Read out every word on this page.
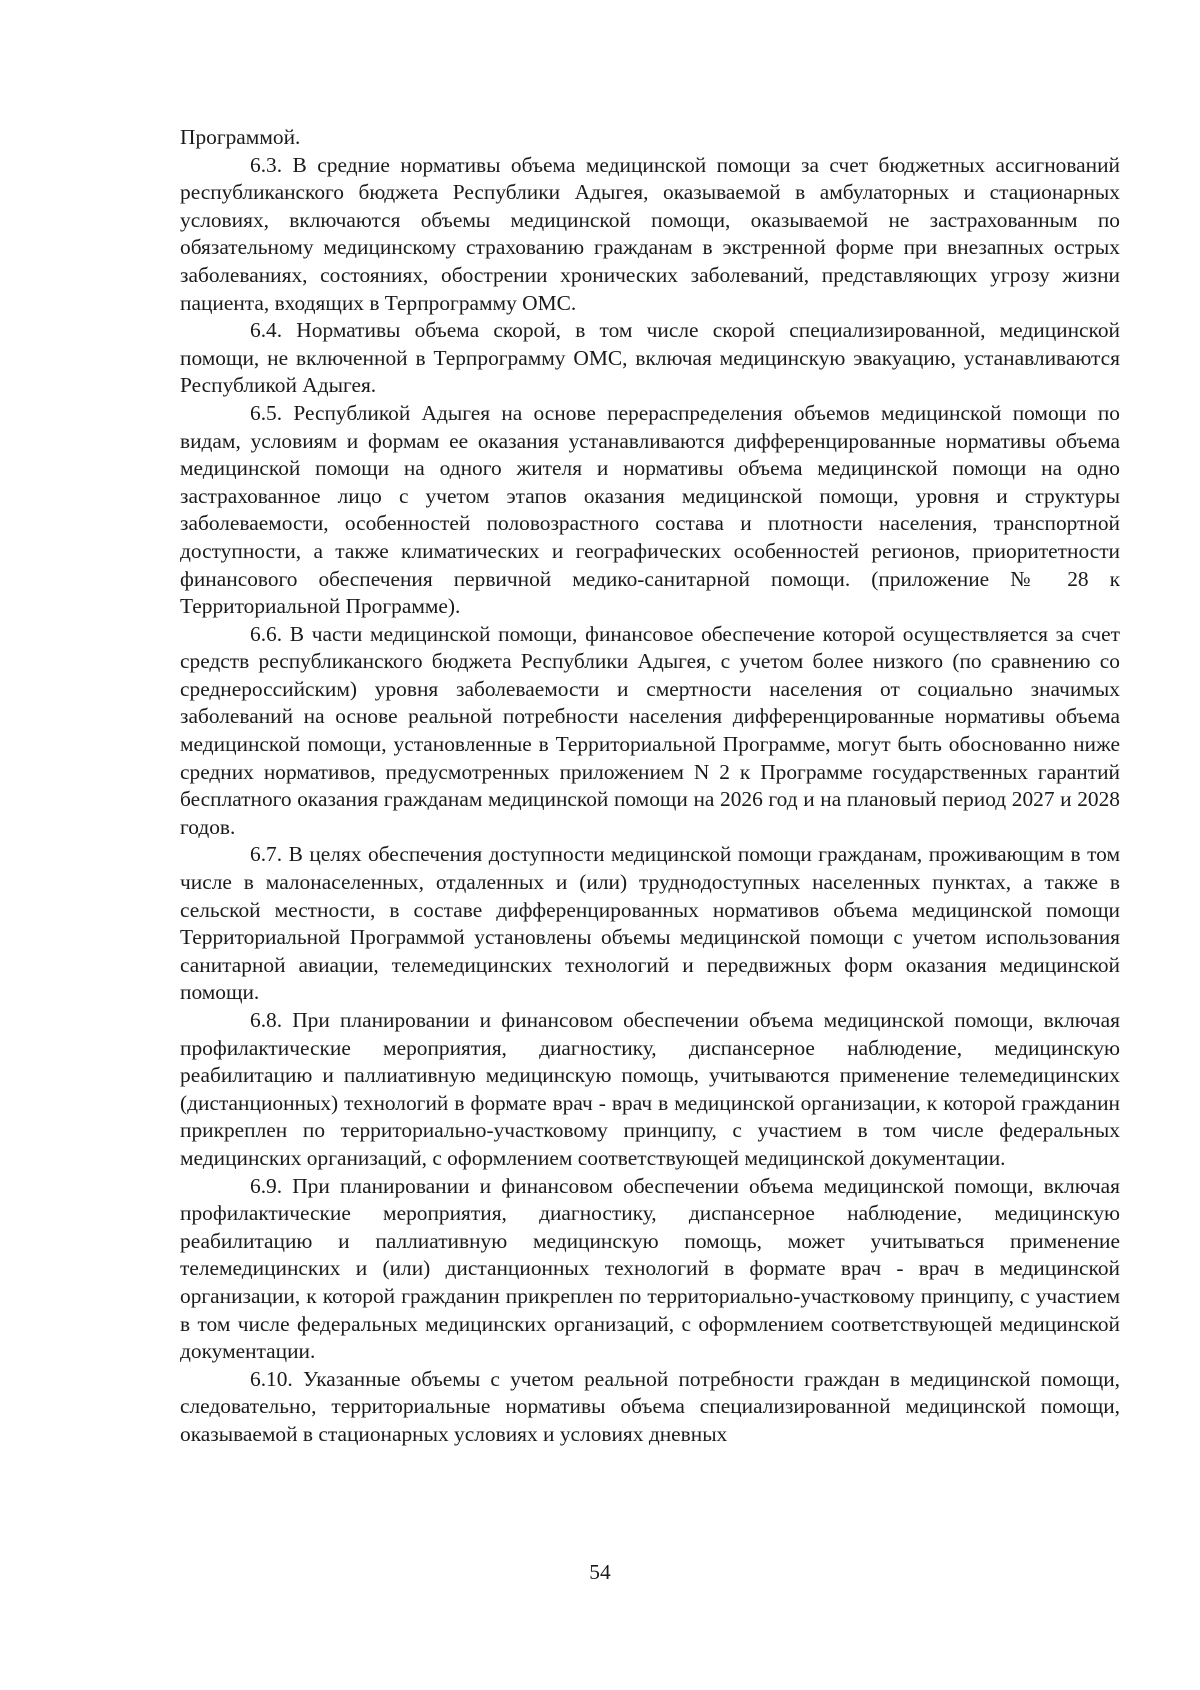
Программой.

6.3. В средние нормативы объема медицинской помощи за счет бюджетных ассигнований республиканского бюджета Республики Адыгея, оказываемой в амбулаторных и стационарных условиях, включаются объемы медицинской помощи, оказываемой не застрахованным по обязательному медицинскому страхованию гражданам в экстренной форме при внезапных острых заболеваниях, состояниях, обострении хронических заболеваний, представляющих угрозу жизни пациента, входящих в Терпрограмму ОМС.

6.4. Нормативы объема скорой, в том числе скорой специализированной, медицинской помощи, не включенной в Терпрограмму ОМС, включая медицинскую эвакуацию, устанавливаются Республикой Адыгея.

6.5. Республикой Адыгея на основе перераспределения объемов медицинской помощи по видам, условиям и формам ее оказания устанавливаются дифференцированные нормативы объема медицинской помощи на одного жителя и нормативы объема медицинской помощи на одно застрахованное лицо с учетом этапов оказания медицинской помощи, уровня и структуры заболеваемости, особенностей половозрастного состава и плотности населения, транспортной доступности, а также климатических и географических особенностей регионов, приоритетности финансового обеспечения первичной медико-санитарной помощи. (приложение № 28 к Территориальной Программе).

6.6. В части медицинской помощи, финансовое обеспечение которой осуществляется за счет средств республиканского бюджета Республики Адыгея, с учетом более низкого (по сравнению со среднероссийским) уровня заболеваемости и смертности населения от социально значимых заболеваний на основе реальной потребности населения дифференцированные нормативы объема медицинской помощи, установленные в Территориальной Программе, могут быть обоснованно ниже средних нормативов, предусмотренных приложением N 2 к Программе государственных гарантий бесплатного оказания гражданам медицинской помощи на 2026 год и на плановый период 2027 и 2028 годов.

6.7. В целях обеспечения доступности медицинской помощи гражданам, проживающим в том числе в малонаселенных, отдаленных и (или) труднодоступных населенных пунктах, а также в сельской местности, в составе дифференцированных нормативов объема медицинской помощи Территориальной Программой установлены объемы медицинской помощи с учетом использования санитарной авиации, телемедицинских технологий и передвижных форм оказания медицинской помощи.

6.8. При планировании и финансовом обеспечении объема медицинской помощи, включая профилактические мероприятия, диагностику, диспансерное наблюдение, медицинскую реабилитацию и паллиативную медицинскую помощь, учитываются применение телемедицинских (дистанционных) технологий в формате врач - врач в медицинской организации, к которой гражданин прикреплен по территориально-участковому принципу, с участием в том числе федеральных медицинских организаций, с оформлением соответствующей медицинской документации.

6.9. При планировании и финансовом обеспечении объема медицинской помощи, включая профилактические мероприятия, диагностику, диспансерное наблюдение, медицинскую реабилитацию и паллиативную медицинскую помощь, может учитываться применение телемедицинских и (или) дистанционных технологий в формате врач - врач в медицинской организации, к которой гражданин прикреплен по территориально-участковому принципу, с участием в том числе федеральных медицинских организаций, с оформлением соответствующей медицинской документации.

6.10. Указанные объемы с учетом реальной потребности граждан в медицинской помощи, следовательно, территориальные нормативы объема специализированной медицинской помощи, оказываемой в стационарных условиях и условиях дневных

54
